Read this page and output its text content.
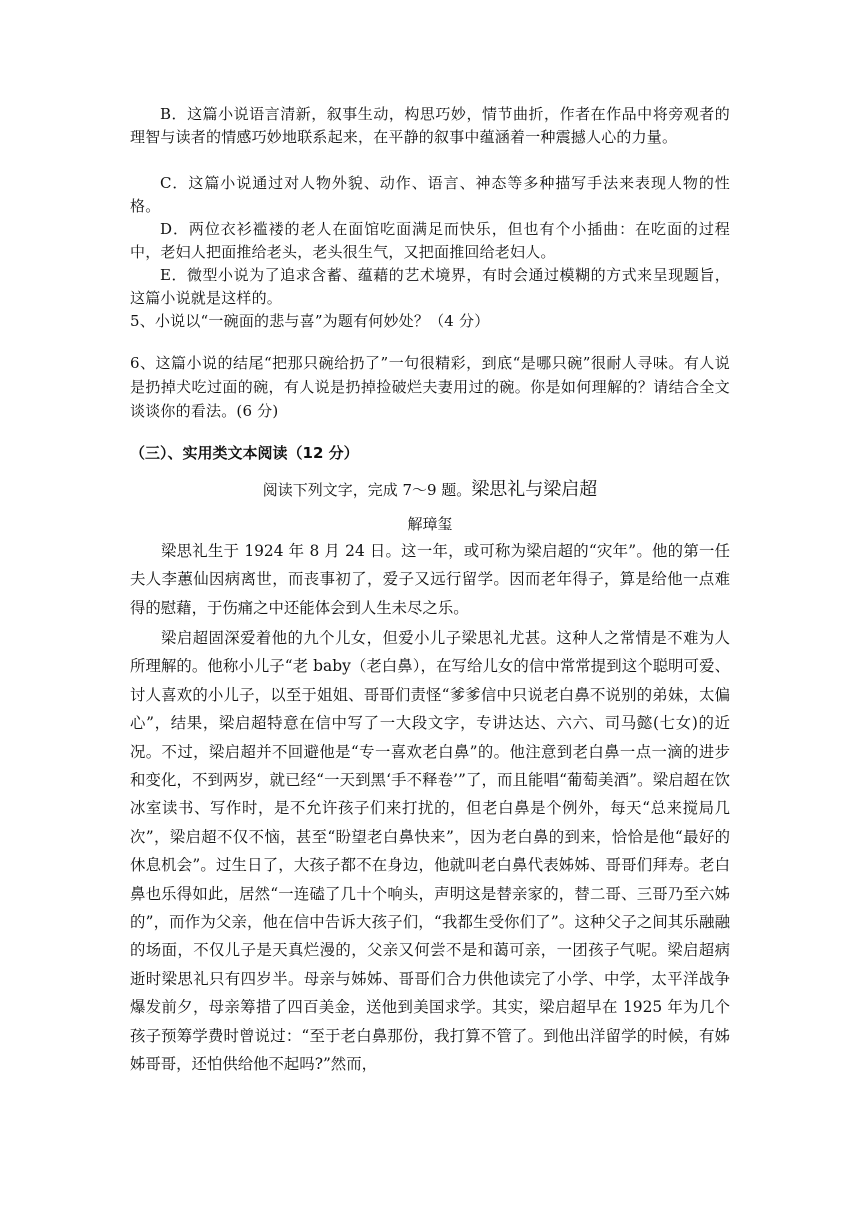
B．这篇小说语言清新，叙事生动，构思巧妙，情节曲折，作者在作品中将旁观者的理智与读者的情感巧妙地联系起来，在平静的叙事中蕴涵着一种震撼人心的力量。

C．这篇小说通过对人物外貌、动作、语言、神态等多种描写手法来表现人物的性格。

D．两位衣衫褴褛的老人在面馆吃面满足而快乐，但也有个小插曲：在吃面的过程中，老妇人把面推给老头，老头很生气，又把面推回给老妇人。

E．微型小说为了追求含蓄、蕴藉的艺术境界，有时会通过模糊的方式来呈现题旨，这篇小说就是这样的。

5、小说以“一碗面的悲与喜”为题有何妙处？（4 分）

6、这篇小说的结尾“把那只碗给扔了”一句很精彩，到底“是哪只碗”很耐人寻味。有人说是扔掉犬吃过面的碗，有人说是扔掉捡破烂夫妻用过的碗。你是如何理解的？请结合全文谈谈你的看法。(6 分)

（三）、实用类文本阅读（12 分）

阅读下列文字，完成 7～9 题。梁思礼与梁启超

解璋玺

梁思礼生于 1924 年 8 月 24 日。这一年，或可称为梁启超的“灾年”。他的第一任夫人李蕙仙因病离世，而丧事初了，爱子又远行留学。因而老年得子，算是给他一点难得的慰藉，于伤痛之中还能体会到人生未尽之乐。

梁启超固深爱着他的九个儿女，但爱小儿子梁思礼尤甚。这种人之常情是不难为人所理解的。他称小儿子“老 baby（老白鼻），在写给儿女的信中常常提到这个聪明可爱、讨人喜欢的小儿子，以至于姐姐、哥哥们责怪“爹爹信中只说老白鼻不说别的弟妹，太偏心”，结果，梁启超特意在信中写了一大段文字，专讲达达、六六、司马懿(七女)的近况。不过，梁启超并不回避他是“专一喜欢老白鼻”的。他注意到老白鼻一点一滴的进步和变化，不到两岁，就已经“一天到黑‘手不释卷’”了，而且能唱“葡萄美酒”。梁启超在饮冰室读书、写作时，是不允许孩子们来打扰的，但老白鼻是个例外，每天“总来搅局几次”，梁启超不仅不恼，甚至“盼望老白鼻快来”，因为老白鼻的到来，恰恰是他“最好的休息机会”。过生日了，大孩子都不在身边，他就叫老白鼻代表姊姊、哥哥们拜寿。老白鼻也乐得如此，居然“一连磕了几十个响头，声明这是替亲家的，替二哥、三哥乃至六姊的”，而作为父亲，他在信中告诉大孩子们，“我都生受你们了”。这种父子之间其乐融融的场面，不仅儿子是天真烂漫的，父亲又何尝不是和蔼可亲，一团孩子气呢。梁启超病逝时梁思礼只有四岁半。母亲与姊姊、哥哥们合力供他读完了小学、中学，太平洋战争爆发前夕，母亲筹措了四百美金，送他到美国求学。其实，梁启超早在 1925 年为几个孩子预筹学费时曾说过：“至于老白鼻那份，我打算不管了。到他出洋留学的时候，有姊姊哥哥，还怕供给他不起吗?”然而，
